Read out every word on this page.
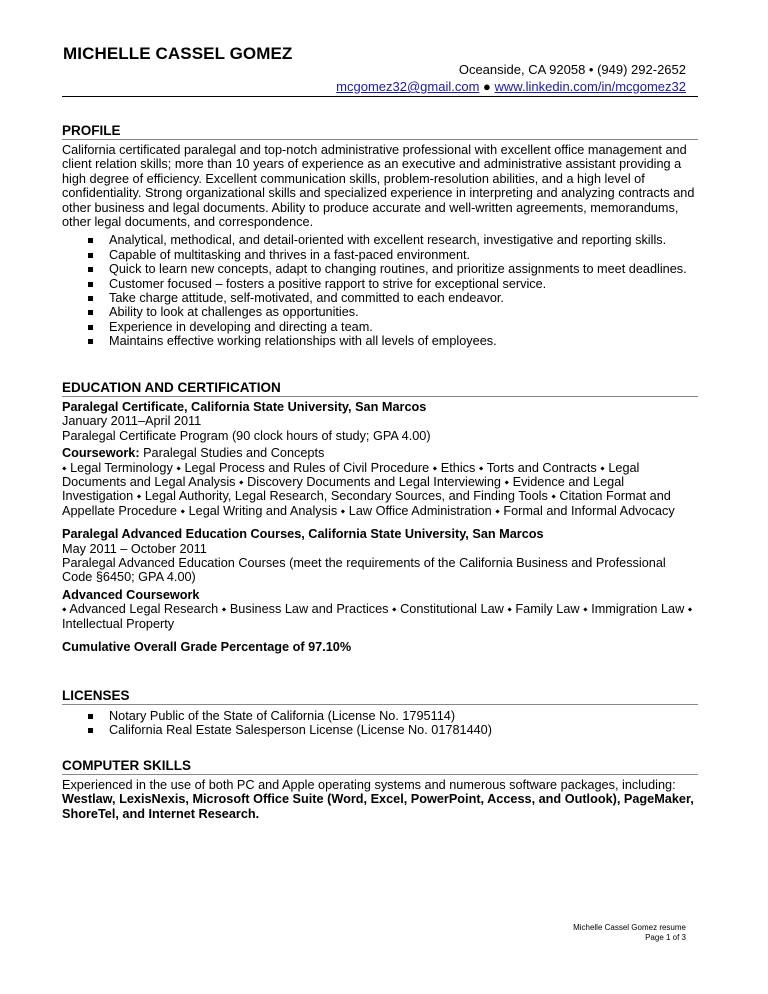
MICHELLE CASSEL GOMEZ
Oceanside, CA 92058 • (949) 292-2652
mcgomez32@gmail.com ● www.linkedin.com/in/mcgomez32
PROFILE
California certificated paralegal and top-notch administrative professional with excellent office management and client relation skills; more than 10 years of experience as an executive and administrative assistant providing a high degree of efficiency. Excellent communication skills, problem-resolution abilities, and a high level of confidentiality. Strong organizational skills and specialized experience in interpreting and analyzing contracts and other business and legal documents. Ability to produce accurate and well-written agreements, memorandums, other legal documents, and correspondence.
Analytical, methodical, and detail-oriented with excellent research, investigative and reporting skills.
Capable of multitasking and thrives in a fast-paced environment.
Quick to learn new concepts, adapt to changing routines, and prioritize assignments to meet deadlines.
Customer focused – fosters a positive rapport to strive for exceptional service.
Take charge attitude, self-motivated, and committed to each endeavor.
Ability to look at challenges as opportunities.
Experience in developing and directing a team.
Maintains effective working relationships with all levels of employees.
EDUCATION AND CERTIFICATION
Paralegal Certificate, California State University, San Marcos
January 2011–April 2011
Paralegal Certificate Program (90 clock hours of study; GPA 4.00)
Coursework: Paralegal Studies and Concepts
⬩ Legal Terminology ⬩ Legal Process and Rules of Civil Procedure ⬩ Ethics ⬩ Torts and Contracts ⬩ Legal Documents and Legal Analysis ⬩ Discovery Documents and Legal Interviewing ⬩ Evidence and Legal Investigation ⬩ Legal Authority, Legal Research, Secondary Sources, and Finding Tools ⬩ Citation Format and Appellate Procedure ⬩ Legal Writing and Analysis ⬩ Law Office Administration ⬩ Formal and Informal Advocacy
Paralegal Advanced Education Courses, California State University, San Marcos
May 2011 – October 2011
Paralegal Advanced Education Courses (meet the requirements of the California Business and Professional Code §6450; GPA 4.00)
Advanced Coursework
⬩ Advanced Legal Research ⬩ Business Law and Practices ⬩ Constitutional Law ⬩ Family Law ⬩ Immigration Law ⬩ Intellectual Property
Cumulative Overall Grade Percentage of 97.10%
LICENSES
Notary Public of the State of California (License No. 1795114)
California Real Estate Salesperson License (License No. 01781440)
COMPUTER SKILLS
Experienced in the use of both PC and Apple operating systems and numerous software packages, including: Westlaw, LexisNexis, Microsoft Office Suite (Word, Excel, PowerPoint, Access, and Outlook), PageMaker, ShoreTel, and Internet Research.
Michelle Cassel Gomez resume
Page 1 of 3
